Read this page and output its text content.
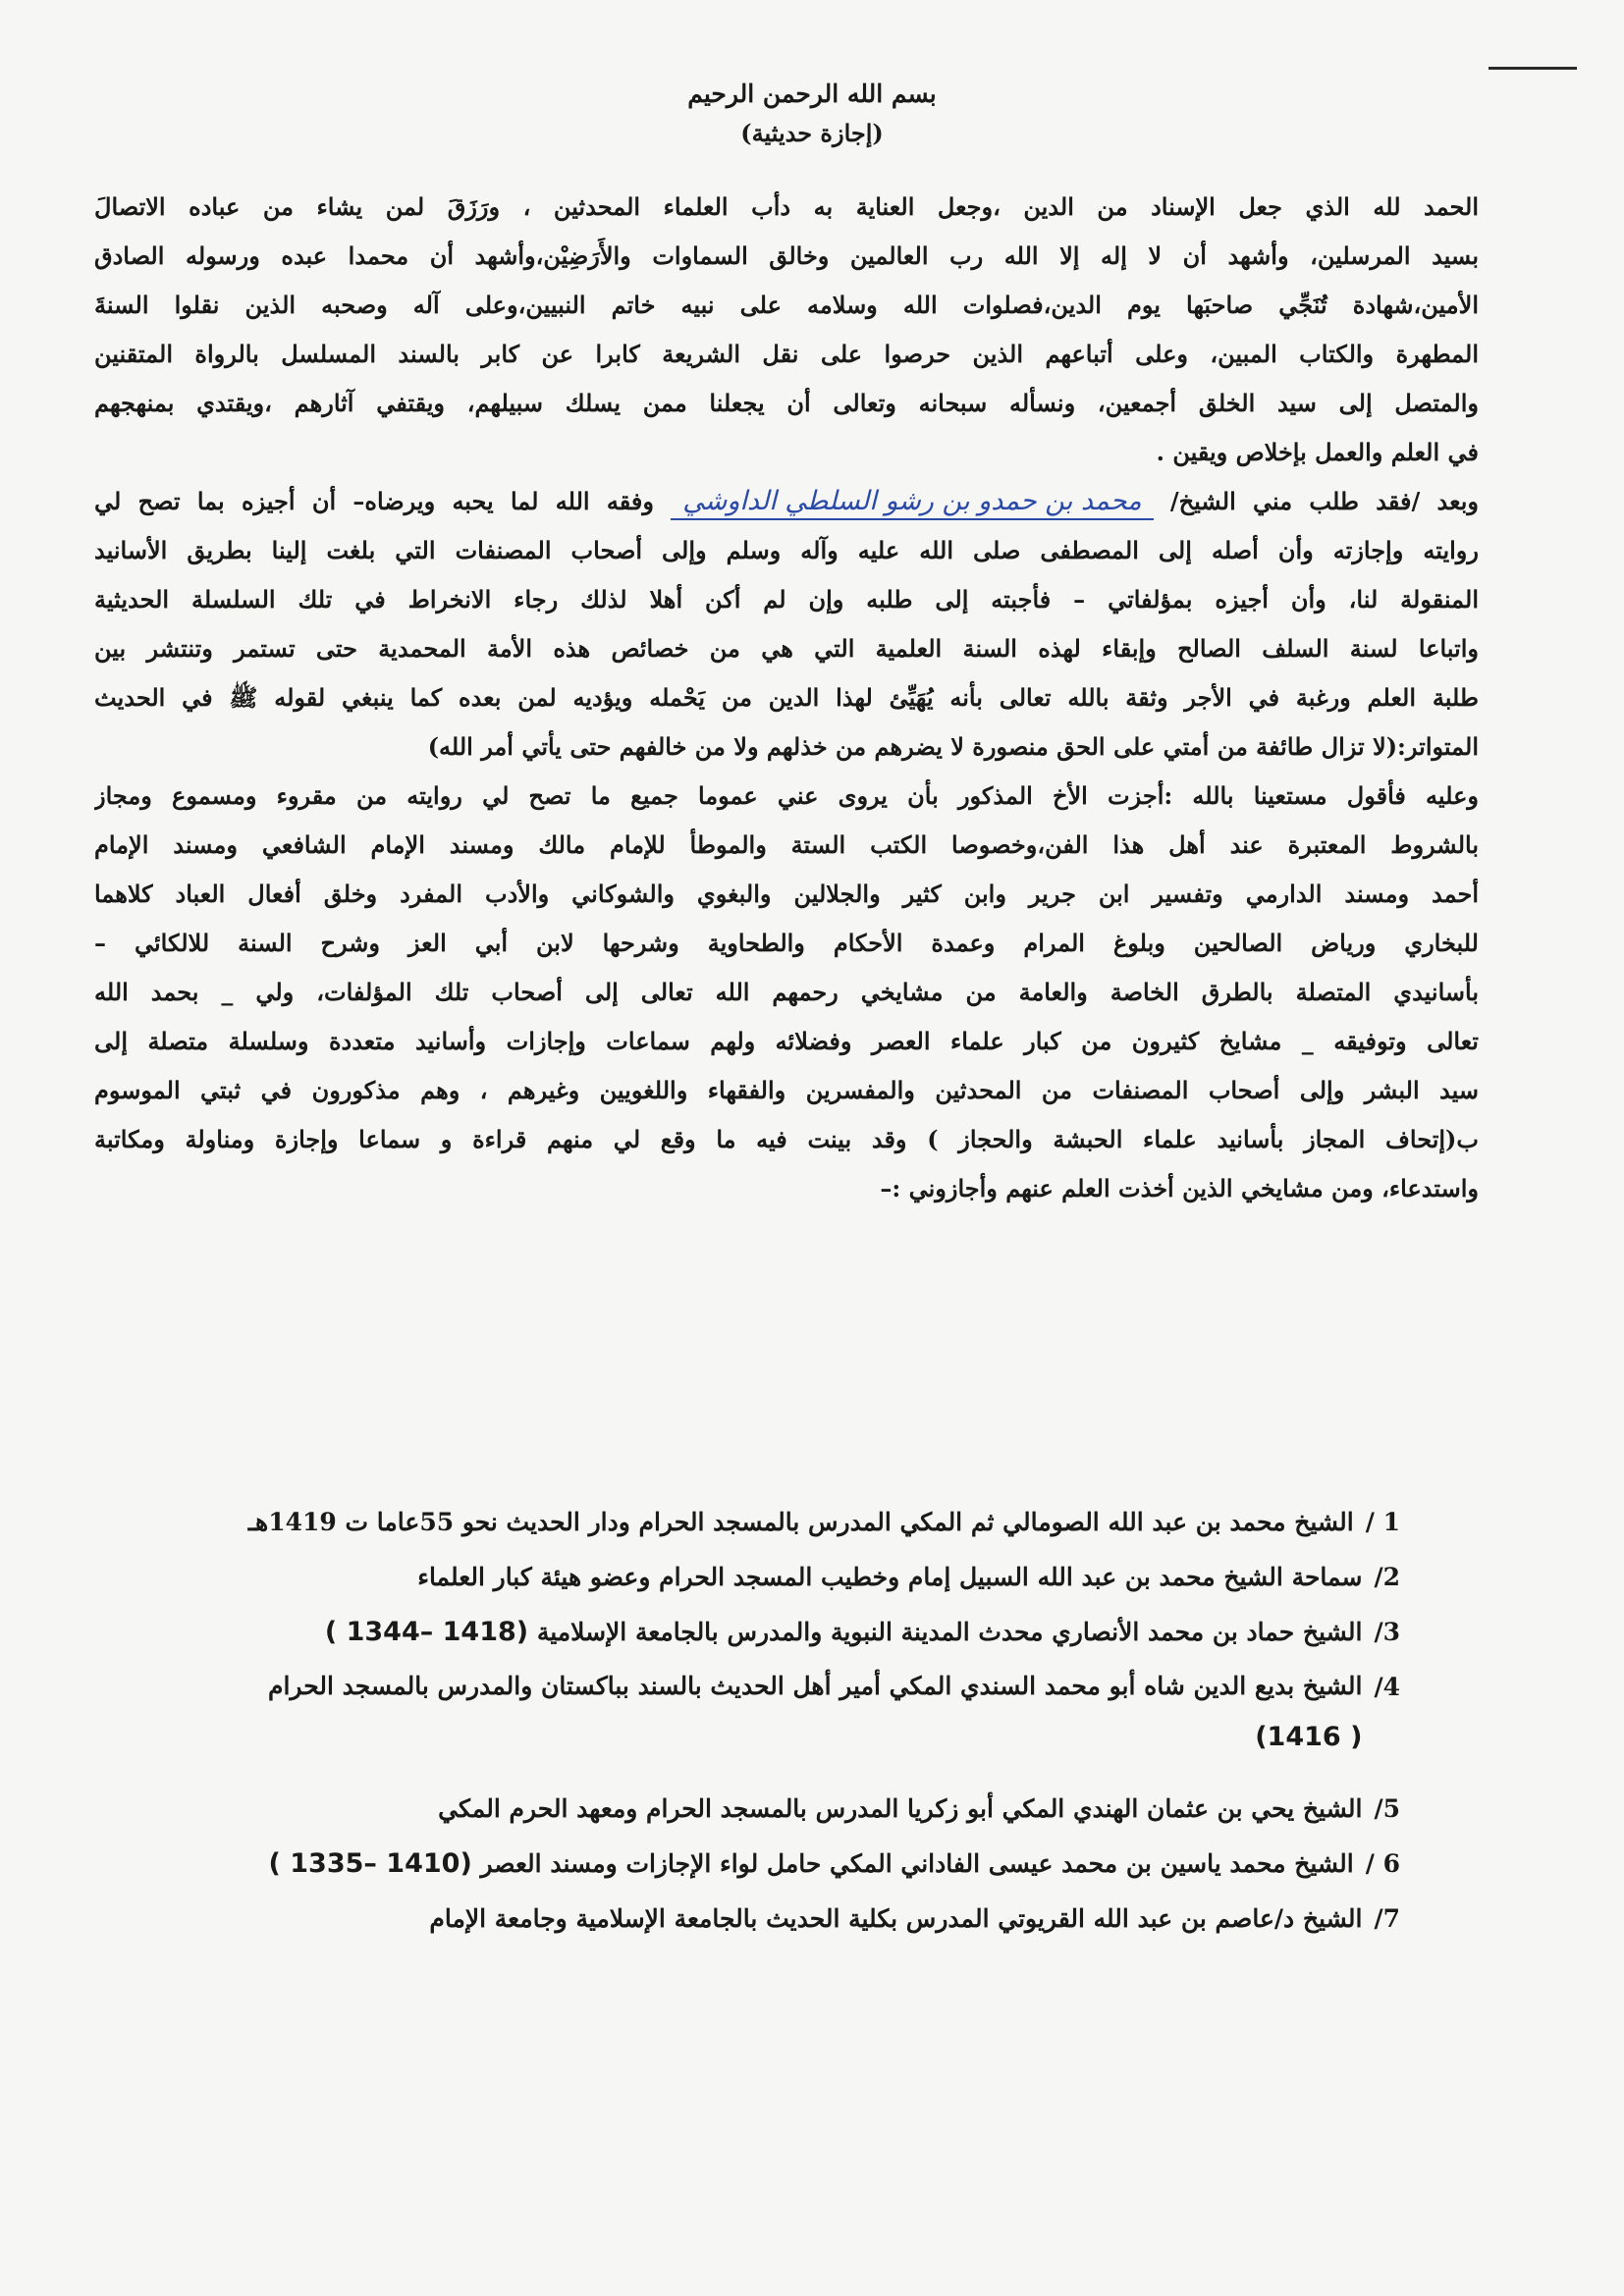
بسم الله الرحمن الرحيم
(إجازة حديثية)
الحمد لله الذي جعل الإسناد من الدين ،وجعل العناية به دأب العلماء المحدثين ، ورَزَقَ لمن يشاء من عباده الاتصالَ
بسيد المرسلين، وأشهد أن لا إله إلا الله رب العالمين وخالق السماوات والأَرَضِيْن،وأشهد أن محمدا عبده ورسوله الصادق
الأمين،شهادة تُنَجِّي صاحبَها يوم الدين،فصلوات الله وسلامه على نبيه خاتم النبيين،وعلى آله وصحبه الذين نقلوا السنةَ
المطهرة والكتاب المبين، وعلى أتباعهم الذين حرصوا على نقل الشريعة كابرا عن كابر بالسند المسلسل بالرواة المتقنين
والمتصل إلى سيد الخلق أجمعين، ونسأله سبحانه وتعالى أن يجعلنا ممن يسلك سبيلهم، ويقتفي آثارهم ،ويقتدي بمنهجهم
في العلم والعمل بإخلاص ويقين .
وبعد /فقد طلب مني الشيخ/ محمد بن حمدو بن رشو السلطي الداوشي وفقه الله لما يحبه ويرضاه– أن أجيزه بما تصح لي
روايته وإجازته وأن أصله إلى المصطفى صلى الله عليه وآله وسلم وإلى أصحاب المصنفات التي بلغت إلينا بطريق الأسانيد
المنقولة لنا، وأن أجيزه بمؤلفاتي – فأجبته إلى طلبه وإن لم أكن أهلا لذلك رجاء الانخراط في تلك السلسلة الحديثية
واتباعا لسنة السلف الصالح وإبقاء لهذه السنة العلمية التي هي من خصائص هذه الأمة المحمدية حتى تستمر وتنتشر بين
طلبة العلم ورغبة في الأجر وثقة بالله تعالى بأنه يُهَيِّئ لهذا الدين من يَحْمله ويؤديه لمن بعده كما ينبغي لقوله ﷺ في الحديث
المتواتر:(لا تزال طائفة من أمتي على الحق منصورة لا يضرهم من خذلهم ولا من خالفهم حتى يأتي أمر الله)
وعليه فأقول مستعينا بالله :أجزت الأخ المذكور بأن يروى عني عموما جميع ما تصح لي روايته من مقروء ومسموع ومجاز
بالشروط المعتبرة عند أهل هذا الفن،وخصوصا الكتب الستة والموطأ للإمام مالك ومسند الإمام الشافعي ومسند الإمام
أحمد ومسند الدارمي وتفسير ابن جرير وابن كثير والجلالين والبغوي والشوكاني والأدب المفرد وخلق أفعال العباد كلاهما
للبخاري ورياض الصالحين وبلوغ المرام وعمدة الأحكام والطحاوية وشرحها لابن أبي العز وشرح السنة للالكائي –
بأسانيدي المتصلة بالطرق الخاصة والعامة من مشايخي رحمهم الله تعالى إلى أصحاب تلك المؤلفات، ولي _ بحمد الله
تعالى وتوفيقه _ مشايخ كثيرون من كبار علماء العصر وفضلائه ولهم سماعات وإجازات وأسانيد متعددة وسلسلة متصلة إلى
سيد البشر وإلى أصحاب المصنفات من المحدثين والمفسرين والفقهاء واللغويين وغيرهم ، وهم مذكورون في ثبتي الموسوم
ب(إتحاف المجاز بأسانيد علماء الحبشة والحجاز ) وقد بينت فيه ما وقع لي منهم قراءة و سماعا وإجازة ومناولة ومكاتبة
واستدعاء، ومن مشايخي الذين أخذت العلم عنهم وأجازوني :–
1 /
الشيخ محمد بن عبد الله الصومالي ثم المكي المدرس بالمسجد الحرام ودار الحديث نحو 55عاما ت 1419هـ
2/
سماحة الشيخ محمد بن عبد الله السبيل إمام وخطيب المسجد الحرام وعضو هيئة كبار العلماء
3/
الشيخ حماد بن محمد الأنصاري محدث المدينة النبوية والمدرس بالجامعة الإسلامية ( 1344– 1418)
4/
الشيخ بديع الدين شاه أبو محمد السندي المكي أمير أهل الحديث بالسند بباكستان والمدرس بالمسجد الحرام
(1416 )
5/
الشيخ يحي بن عثمان الهندي المكي أبو زكريا المدرس بالمسجد الحرام ومعهد الحرم المكي
6 /
الشيخ محمد ياسين بن محمد عيسى الفاداني المكي حامل لواء الإجازات ومسند العصر ( 1335– 1410)
7/
الشيخ د/عاصم بن عبد الله القريوتي المدرس بكلية الحديث بالجامعة الإسلامية وجامعة الإمام
